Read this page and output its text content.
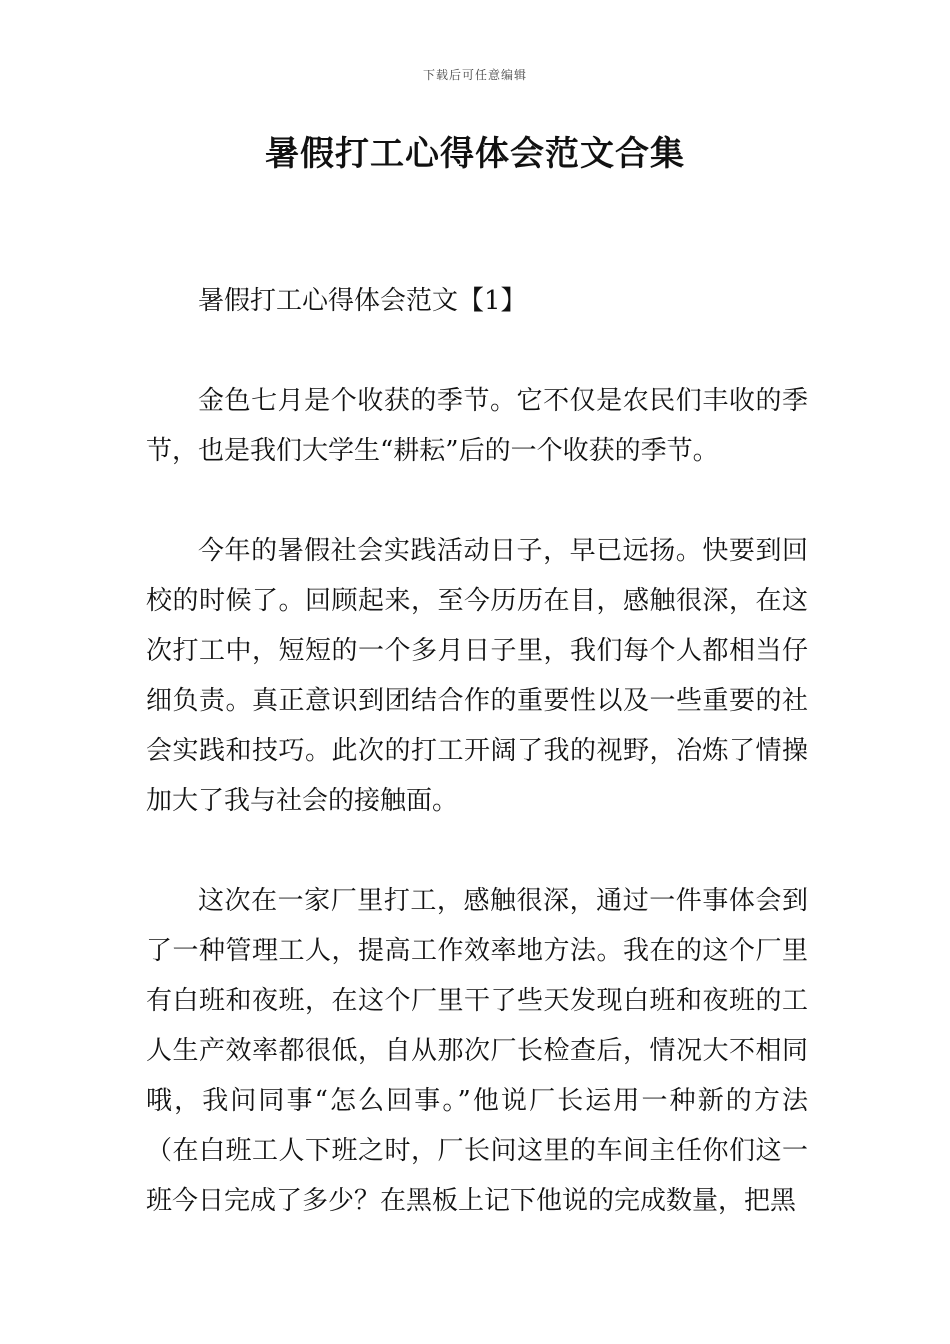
下载后可任意编辑
暑假打工心得体会范文合集

暑假打工心得体会范文【1】

金色七月是个收获的季节。它不仅是农民们丰收的季节，也是我们大学生“耕耘”后的一个收获的季节。

今年的暑假社会实践活动日子，早已远扬。快要到回校的时候了。回顾起来，至今历历在目，感触很深，在这次打工中，短短的一个多月日子里，我们每个人都相当仔细负责。真正意识到团结合作的重要性以及一些重要的社会实践和技巧。此次的打工开阔了我的视野，冶炼了情操加大了我与社会的接触面。

这次在一家厂里打工，感触很深，通过一件事体会到了一种管理工人，提高工作效率地方法。我在的这个厂里有白班和夜班，在这个厂里干了些天发现白班和夜班的工人生产效率都很低，自从那次厂长检查后，情况大不相同哦，我问同事“怎么回事。”他说厂长运用一种新的方法（在白班工人下班之时，厂长问这里的车间主任你们这一班今日完成了多少？在黑板上记下他说的完成数量，把黑
